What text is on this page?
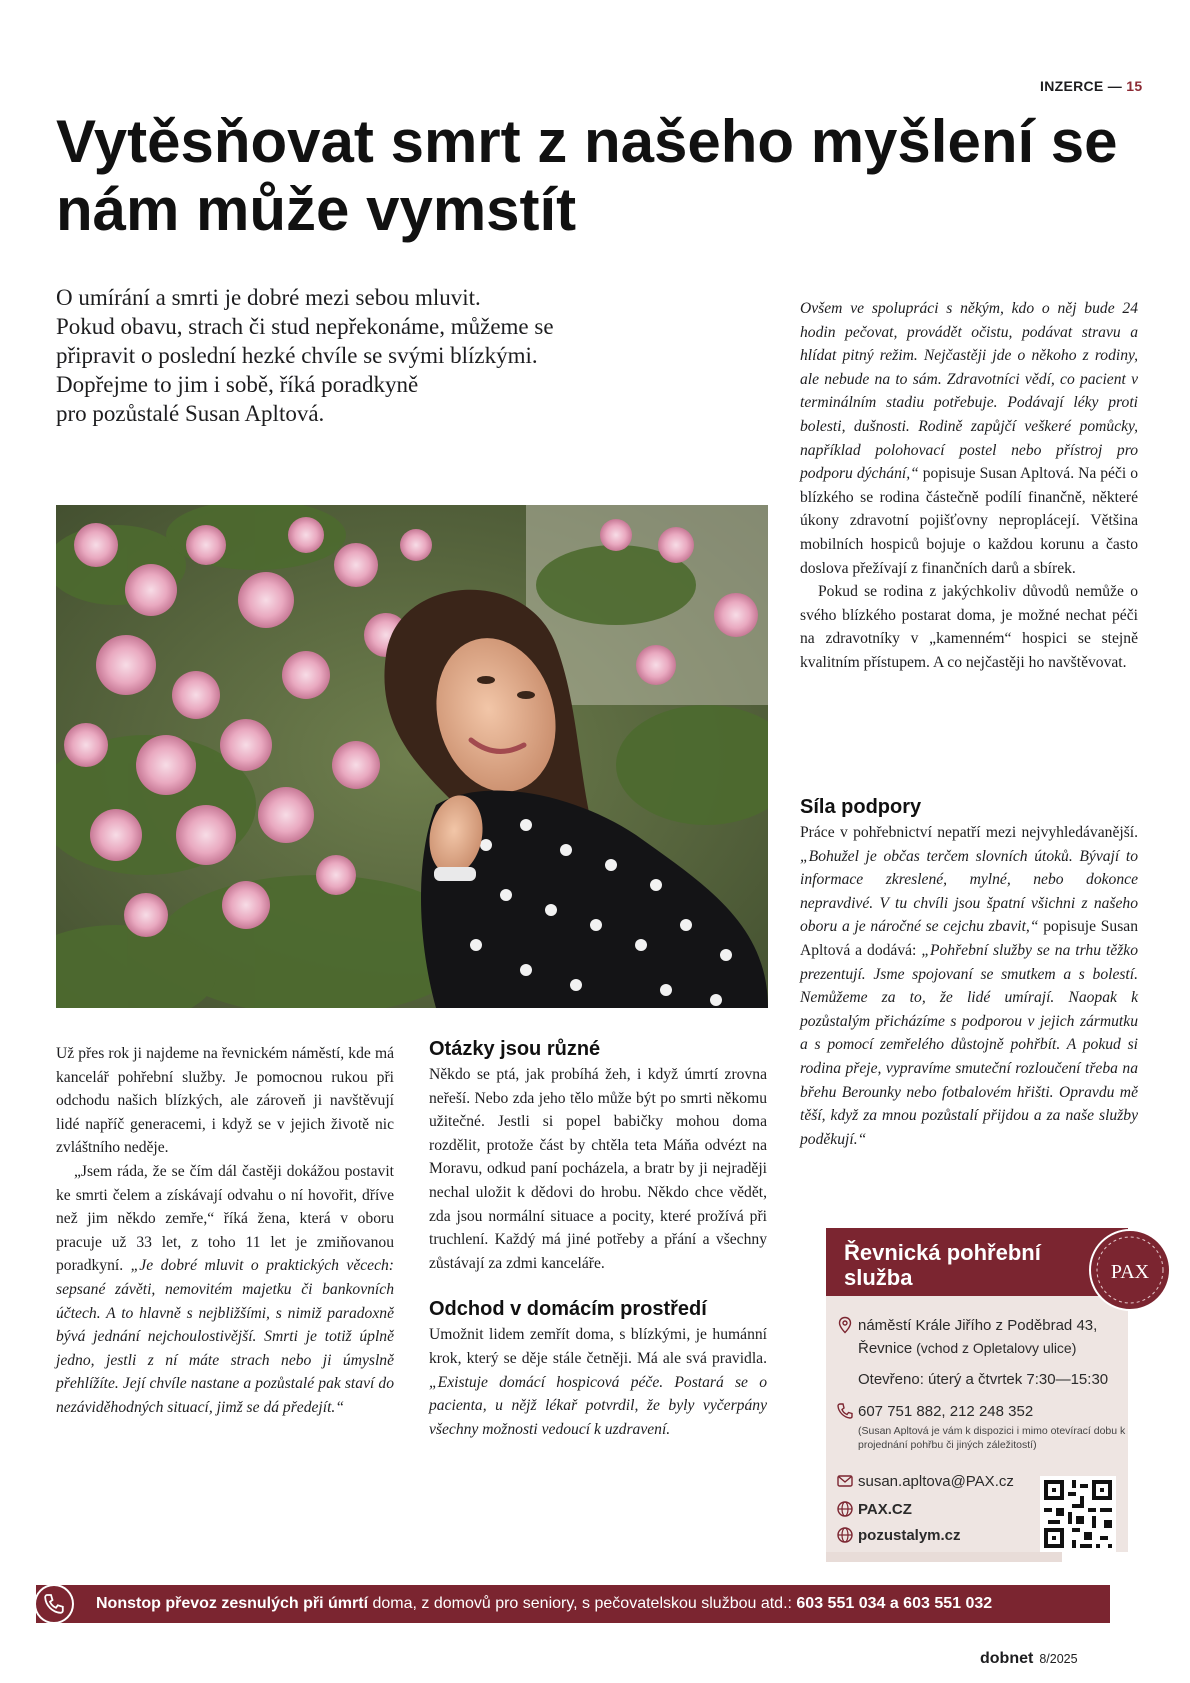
INZERCE — 15
Vytěsňovat smrt z našeho myšlení se nám může vymstít
O umírání a smrti je dobré mezi sebou mluvit.
Pokud obavu, strach či stud nepřekonáme, můžeme se
připravit o poslední hezké chvíle se svými blízkými.
Dopřejme to jim i sobě, říká poradkyně
pro pozůstalé Susan Apltová.

Už přes rok ji najdeme na řevnickém náměstí, kde má kancelář pohřební služby. Je pomocnou rukou při odchodu našich blízkých, ale zároveň ji navštěvují lidé napříč generacemi, i když se v jejich životě nic zvláštního neděje.

„Jsem ráda, že se čím dál častěji dokážou postavit ke smrti čelem a získávají odvahu o ní hovořit, dříve než jim někdo zemře,“ říká žena, která v oboru pracuje už 33 let, z toho 11 let je zmiňovanou poradkyní. „Je dobré mluvit o praktických věcech: sepsané závěti, nemovitém majetku či bankovních účtech. A to hlavně s nejbližšími, s nimiž paradoxně bývá jednání nejchoulostivější. Smrti je totiž úplně jedno, jestli z ní máte strach nebo ji úmyslně přehlížíte. Její chvíle nastane a pozůstalé pak staví do nezáviděhodných situací, jimž se dá předejít.“

Otázky jsou různé

Někdo se ptá, jak probíhá žeh, i když úmrtí zrovna neřeší. Nebo zda jeho tělo může být po smrti někomu užitečné. Jestli si popel babičky mohou doma rozdělit, protože část by chtěla teta Máňa odvézt na Moravu, odkud paní pocházela, a bratr by ji nejraději nechal uložit k dědovi do hrobu. Někdo chce vědět, zda jsou normální situace a pocity, které prožívá při truchlení. Každý má jiné potřeby a přání a všechny zůstávají za zdmi kanceláře.

Odchod v domácím prostředí

Umožnit lidem zemřít doma, s blízkými, je humánní krok, který se děje stále četněji. Má ale svá pravidla. „Existuje domácí hospicová péče. Postará se o pacienta, u nějž lékař potvrdil, že byly vyčerpány všechny možnosti vedoucí k uzdravení.

Ovšem ve spolupráci s někým, kdo o něj bude 24 hodin pečovat, provádět očistu, podávat stravu a hlídat pitný režim. Nejčastěji jde o někoho z rodiny, ale nebude na to sám. Zdravotníci vědí, co pacient v terminálním stadiu potřebuje. Podávají léky proti bolesti, dušnosti. Rodině zapůjčí veškeré pomůcky, například polohovací postel nebo přístroj pro podporu dýchání,“ popisuje Susan Apltová. Na péči o blízkého se rodina částečně podílí finančně, některé úkony zdravotní pojišťovny neproplácejí. Většina mobilních hospiců bojuje o každou korunu a často doslova přežívají z finančních darů a sbírek.

Pokud se rodina z jakýchkoliv důvodů nemůže o svého blízkého postarat doma, je možné nechat péči na zdravotníky v „kamenném“ hospici se stejně kvalitním přístupem. A co nejčastěji ho navštěvovat.

Síla podpory

Práce v pohřebnictví nepatří mezi nejvyhledávanější. „Bohužel je občas terčem slovních útoků. Bývají to informace zkreslené, mylné, nebo dokonce nepravdivé. V tu chvíli jsou špatní všichni z našeho oboru a je náročné se cejchu zbavit,“ popisuje Susan Apltová a dodává: „Pohřební služby se na trhu těžko prezentují. Jsme spojovaní se smutkem a s bolestí. Nemůžeme za to, že lidé umírají. Naopak k pozůstalým přicházíme s podporou v jejich zármutku a s pomocí zemřelého důstojně pohřbít. A pokud si rodina přeje, vypravíme smuteční rozloučení třeba na břehu Berounky nebo fotbalovém hřišti. Opravdu mě těší, když za mnou pozůstalí přijdou a za naše služby poděkují.“

náměstí Krále Jiřího z Poděbrad 43,
Řevnice (vchod z Opletalovy ulice)
Otevřeno: úterý a čtvrtek 7:30—15:30
607 751 882, 212 248 352
(Susan Apltová je vám k dispozici i mimo otevírací dobu k projednání pohřbu či jiných záležitostí)
susan.apltova@PAX.cz
PAX.CZ
pozustalym.cz
Řevnická pohřební služba	PAX
Nonstop převoz zesnulých při úmrtí doma, z domovů pro seniory, s pečovatelskou službou atd.: 603 551 034 a 603 551 032
dobnet 8/2025
